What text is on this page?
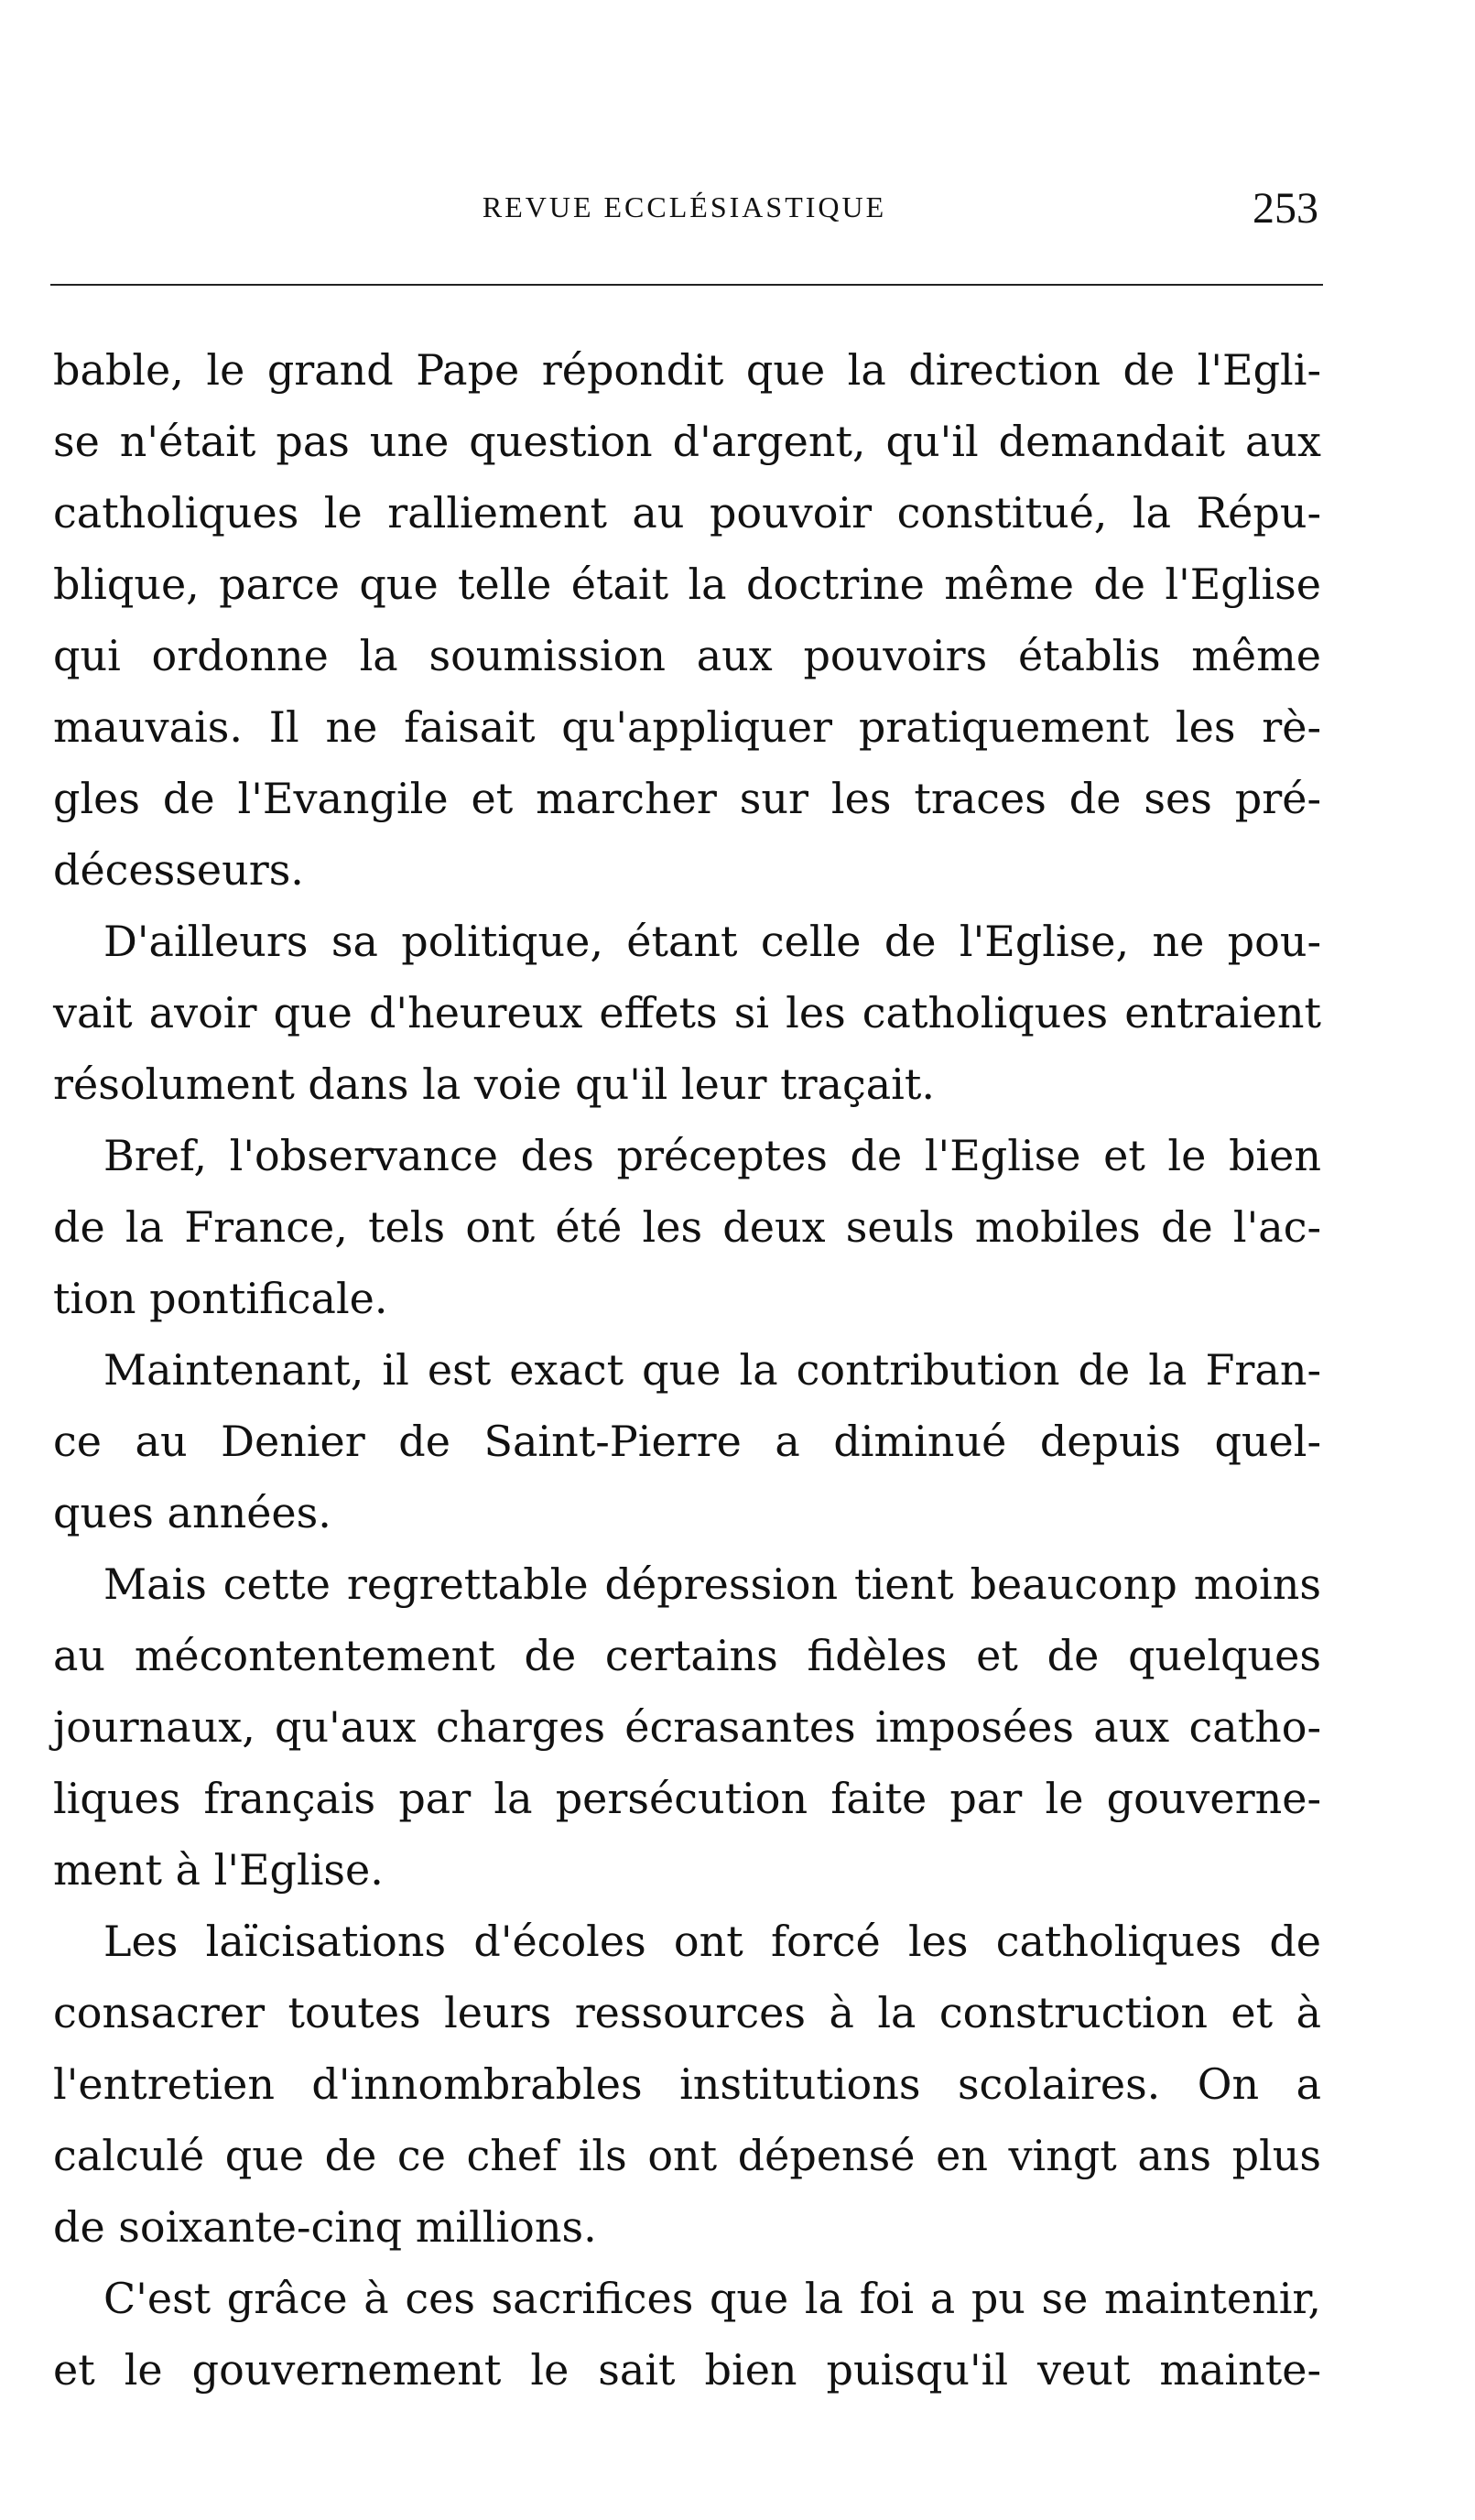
REVUE ECCLÉSIASTIQUE	253
bable, le grand Pape répondit que la direction de l'Egli-
se n'était pas une question d'argent, qu'il demandait aux
catholiques le ralliement au pouvoir constitué, la Répu-
blique, parce que telle était la doctrine même de l'Eglise
qui ordonne la soumission aux pouvoirs établis même
mauvais. Il ne faisait qu'appliquer pratiquement les rè-
gles de l'Evangile et marcher sur les traces de ses pré-
décesseurs.
D'ailleurs sa politique, étant celle de l'Eglise, ne pou-
vait avoir que d'heureux effets si les catholiques entraient
résolument dans la voie qu'il leur traçait.
Bref, l'observance des préceptes de l'Eglise et le bien
de la France, tels ont été les deux seuls mobiles de l'ac-
tion pontificale.
Maintenant, il est exact que la contribution de la Fran-
ce au Denier de Saint-Pierre a diminué depuis quel-
ques années.
Mais cette regrettable dépression tient beauconp moins
au mécontentement de certains fidèles et de quelques
journaux, qu'aux charges écrasantes imposées aux catho-
liques français par la persécution faite par le gouverne-
ment à l'Eglise.
Les laïcisations d'écoles ont forcé les catholiques de
consacrer toutes leurs ressources à la construction et à
l'entretien d'innombrables institutions scolaires. On a
calculé que de ce chef ils ont dépensé en vingt ans plus
de soixante-cinq millions.
C'est grâce à ces sacrifices que la foi a pu se maintenir,
et le gouvernement le sait bien puisqu'il veut mainte-
